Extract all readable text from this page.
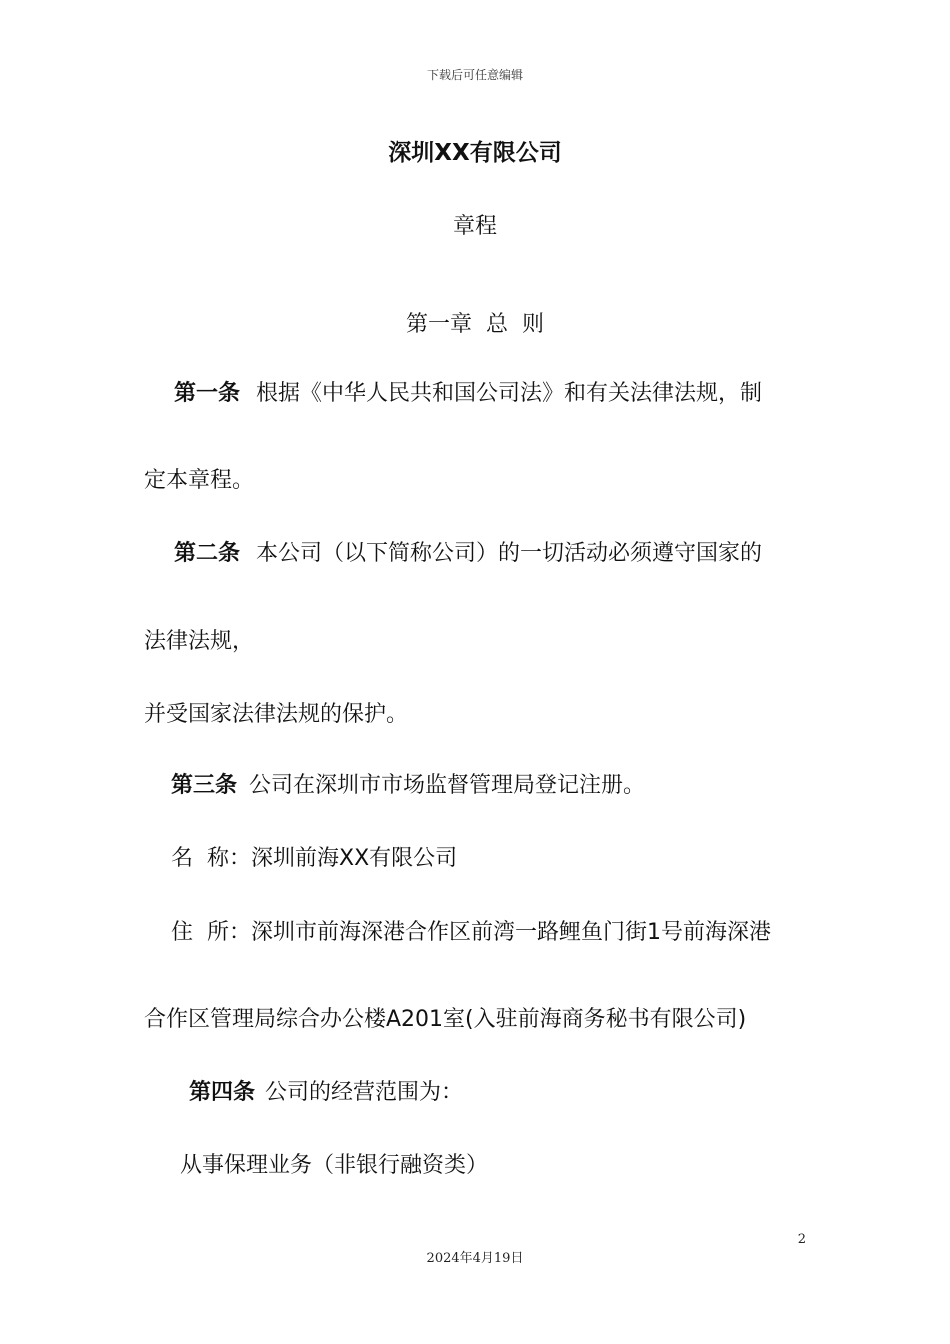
下载后可任意编辑
深圳XX有限公司
章程
第一章 总 则
第一条 根据《中华人民共和国公司法》和有关法律法规，制
定本章程。
第二条 本公司（以下简称公司）的一切活动必须遵守国家的
法律法规，
并受国家法律法规的保护。
第三条 公司在深圳市市场监督管理局登记注册。
名  称：深圳前海XX有限公司
住  所：深圳市前海深港合作区前湾一路鲤鱼门街1号前海深港
合作区管理局综合办公楼A201室(入驻前海商务秘书有限公司)
第四条 公司的经营范围为：
从事保理业务（非银行融资类）
2
2024年4月19日
